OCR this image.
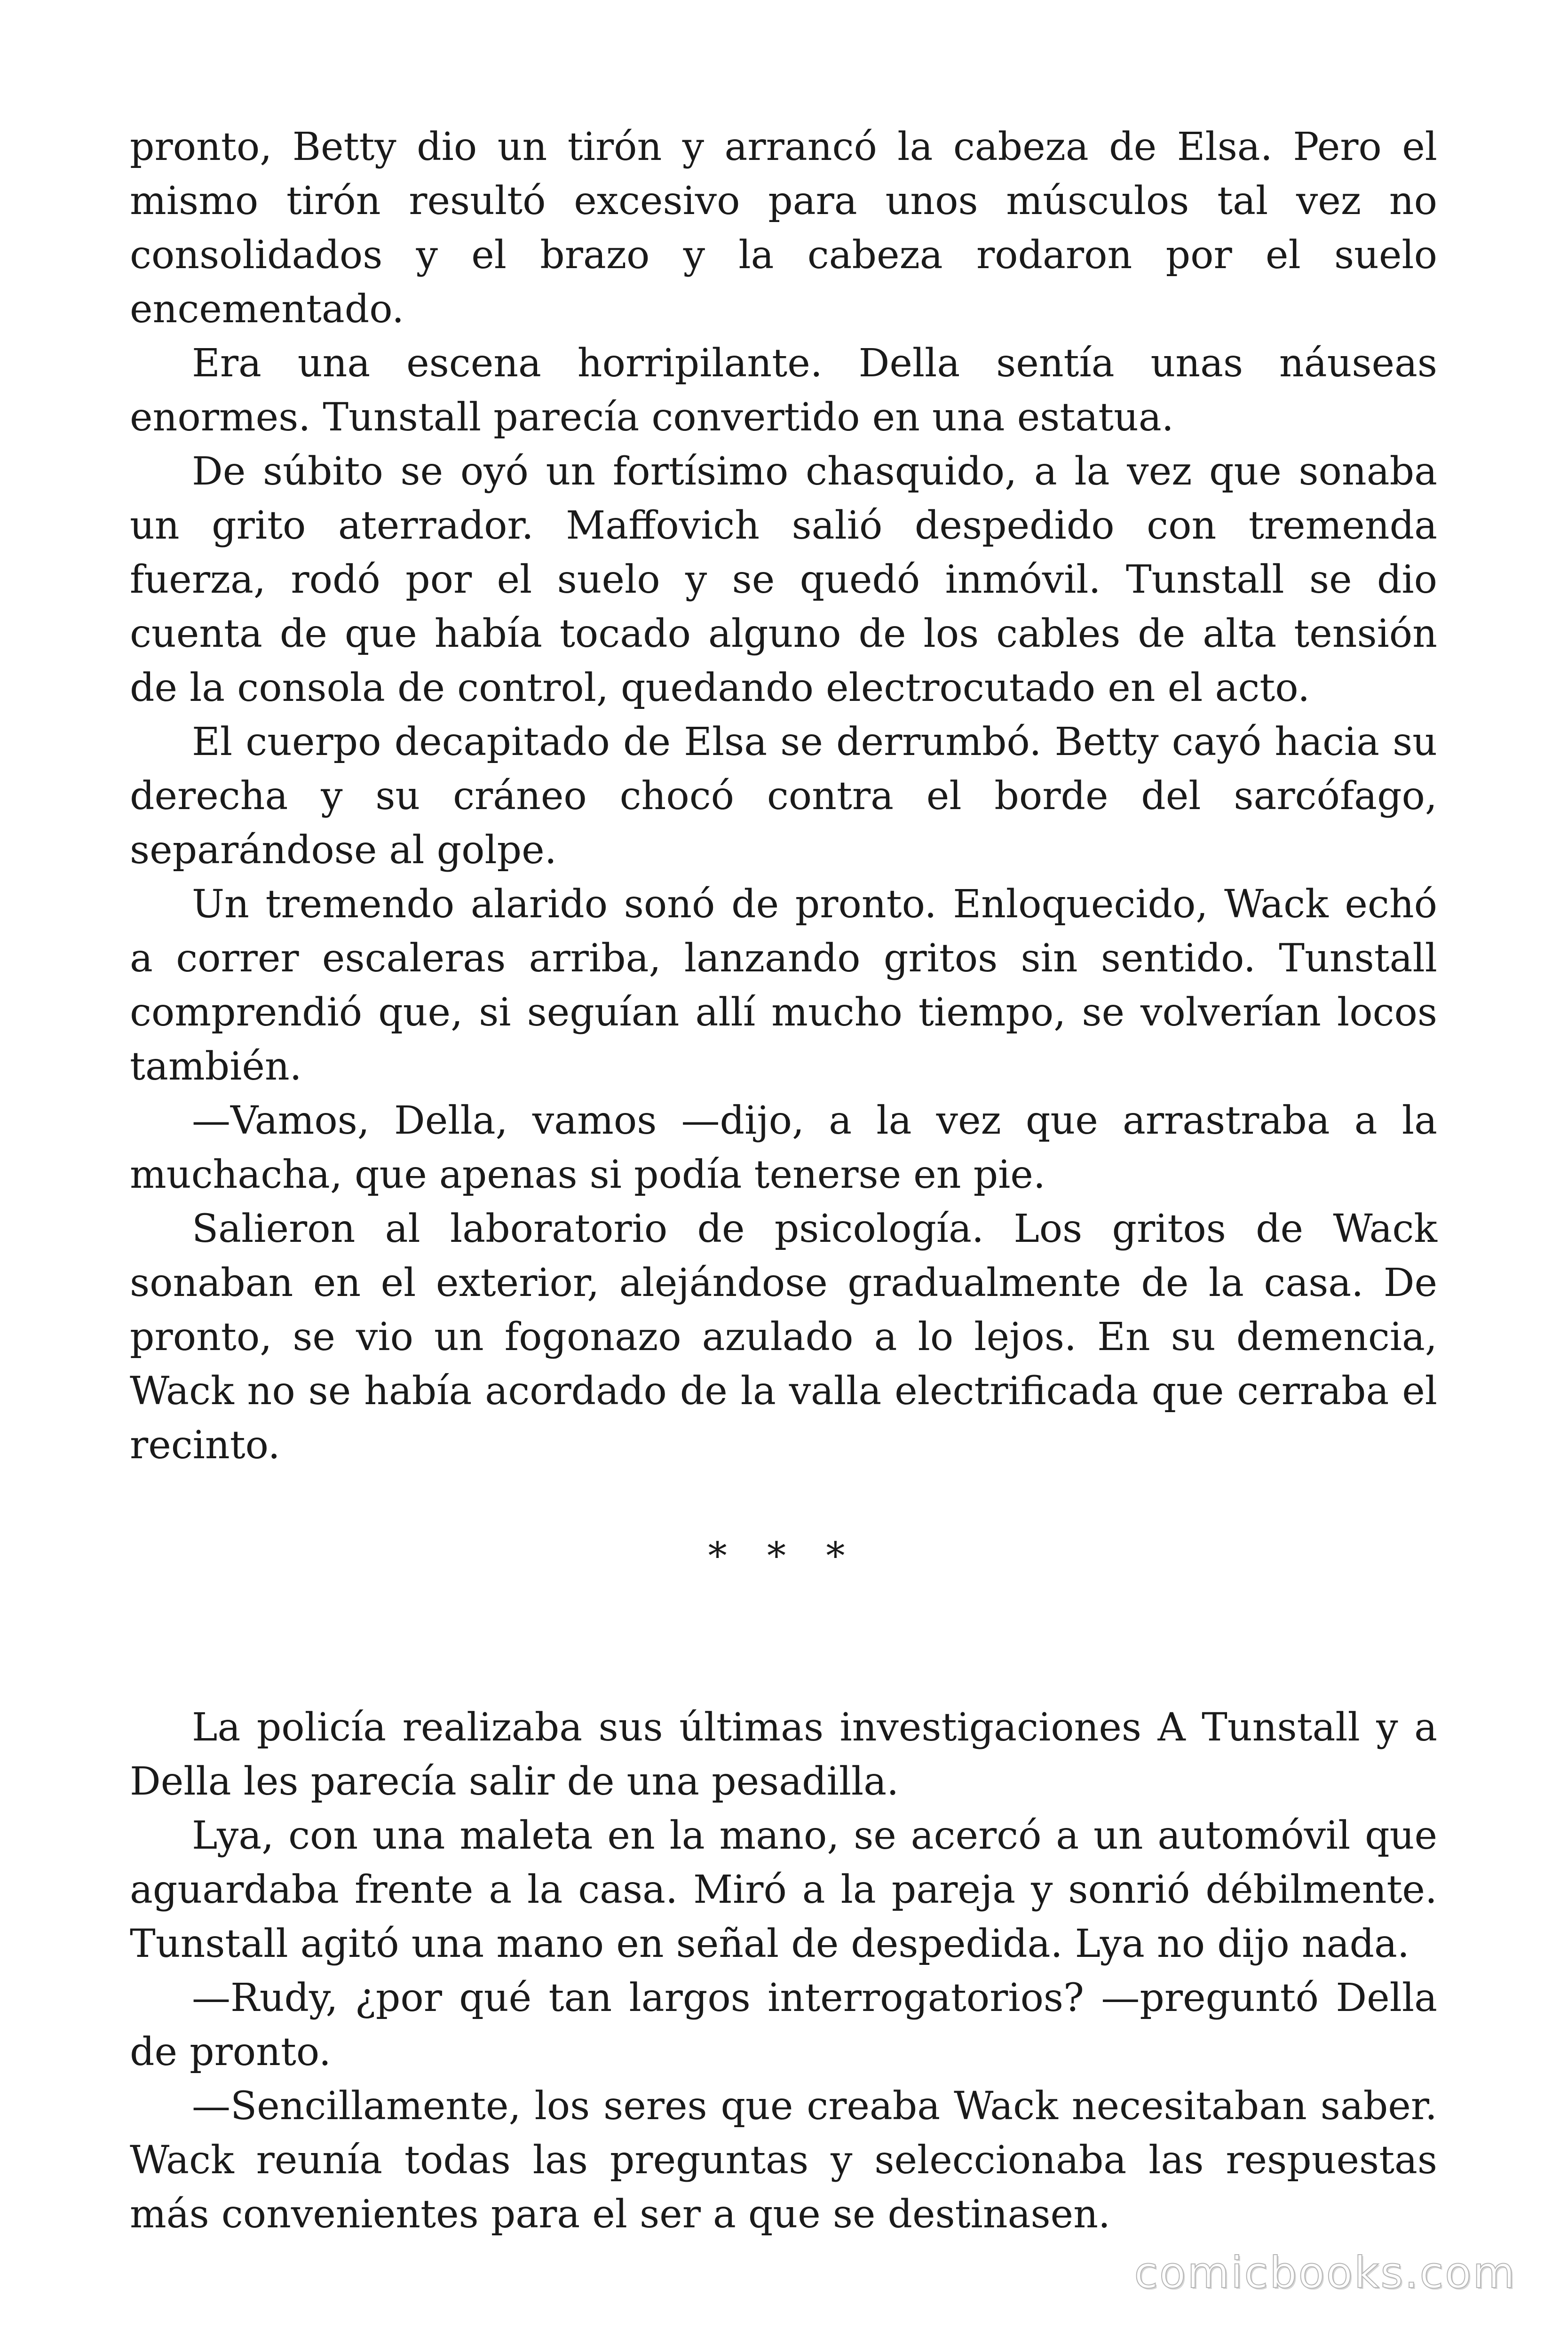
pronto, Betty dio un tirón y arrancó la cabeza de Elsa. Pero el mismo tirón resultó excesivo para unos músculos tal vez no consolidados y el brazo y la cabeza rodaron por el suelo encementado.

Era una escena horripilante. Della sentía unas náuseas enormes. Tunstall parecía convertido en una estatua.

De súbito se oyó un fortísimo chasquido, a la vez que sonaba un grito aterrador. Maffovich salió despedido con tremenda fuerza, rodó por el suelo y se quedó inmóvil. Tunstall se dio cuenta de que había tocado alguno de los cables de alta tensión de la consola de control, quedando electrocutado en el acto.

El cuerpo decapitado de Elsa se derrumbó. Betty cayó hacia su derecha y su cráneo chocó contra el borde del sarcófago, separándose al golpe.

Un tremendo alarido sonó de pronto. Enloquecido, Wack echó a correr escaleras arriba, lanzando gritos sin sentido. Tunstall comprendió que, si seguían allí mucho tiempo, se volverían locos también.

—Vamos, Della, vamos —dijo, a la vez que arrastraba a la muchacha, que apenas si podía tenerse en pie.

Salieron al laboratorio de psicología. Los gritos de Wack sonaban en el exterior, alejándose gradualmente de la casa. De pronto, se vio un fogonazo azulado a lo lejos. En su demencia, Wack no se había acordado de la valla electrificada que cerraba el recinto.

* * *

La policía realizaba sus últimas investigaciones A Tunstall y a Della les parecía salir de una pesadilla.

Lya, con una maleta en la mano, se acercó a un automóvil que aguardaba frente a la casa. Miró a la pareja y sonrió débilmente. Tunstall agitó una mano en señal de despedida. Lya no dijo nada.

—Rudy, ¿por qué tan largos interrogatorios? —preguntó Della de pronto.

—Sencillamente, los seres que creaba Wack necesitaban saber. Wack reunía todas las preguntas y seleccionaba las respuestas más convenientes para el ser a que se destinasen.

comicbooks.com
